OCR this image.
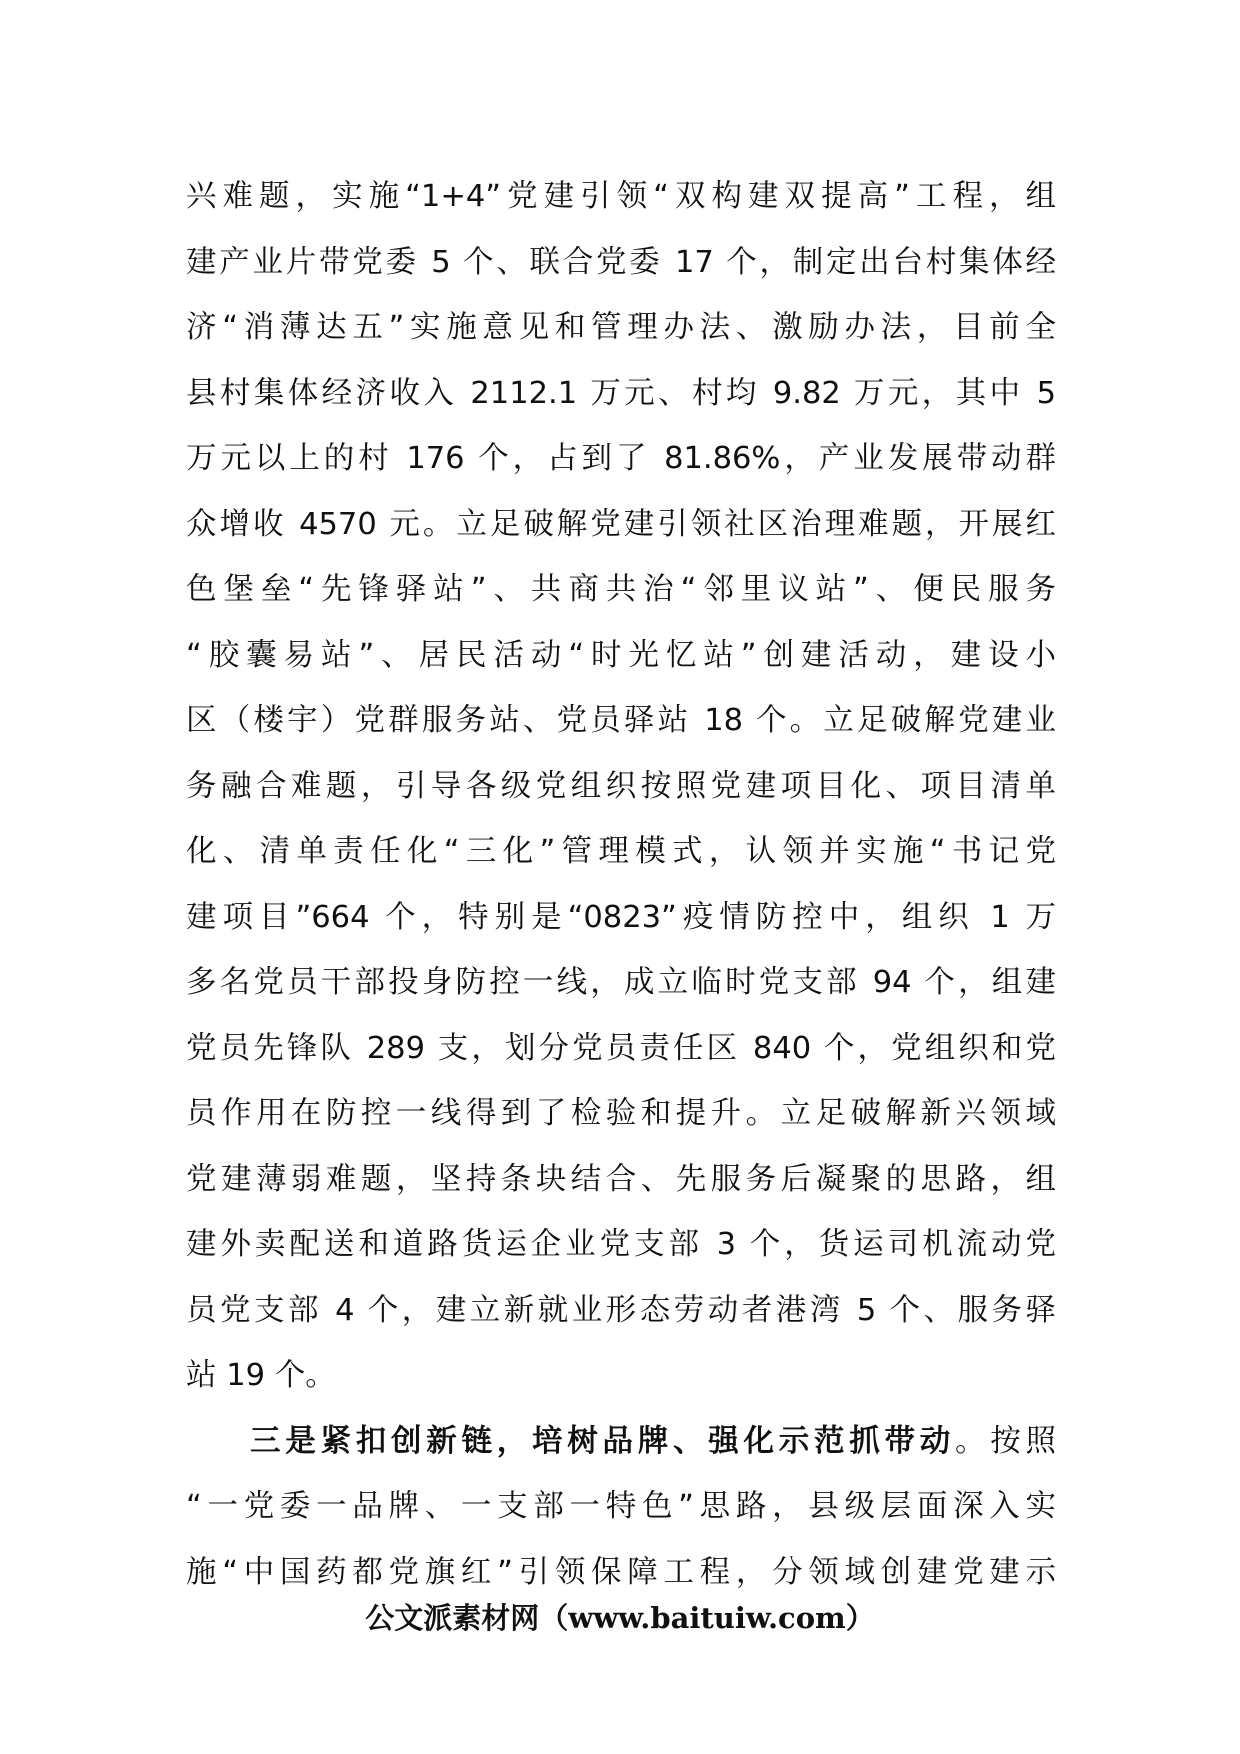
兴难题，实施“1+4”党建引领“双构建双提高”工程，组
建产业片带党委 5 个、联合党委 17 个，制定出台村集体经
济“消薄达五”实施意见和管理办法、激励办法，目前全
县村集体经济收入 2112.1 万元、村均 9.82 万元，其中 5
万元以上的村 176 个，占到了 81.86%，产业发展带动群
众增收 4570 元。立足破解党建引领社区治理难题，开展红
色堡垒“先锋驿站”、共商共治“邻里议站”、便民服务
“胶囊易站”、居民活动“时光忆站”创建活动，建设小
区（楼宇）党群服务站、党员驿站 18 个。立足破解党建业
务融合难题，引导各级党组织按照党建项目化、项目清单
化、清单责任化“三化”管理模式，认领并实施“书记党
建项目”664 个，特别是“0823”疫情防控中，组织 1 万
多名党员干部投身防控一线，成立临时党支部 94 个，组建
党员先锋队 289 支，划分党员责任区 840 个，党组织和党
员作用在防控一线得到了检验和提升。立足破解新兴领域
党建薄弱难题，坚持条块结合、先服务后凝聚的思路，组
建外卖配送和道路货运企业党支部 3 个，货运司机流动党
员党支部 4 个，建立新就业形态劳动者港湾 5 个、服务驿
站 19 个。
三是紧扣创新链，培树品牌、强化示范抓带动。按照
“一党委一品牌、一支部一特色”思路，县级层面深入实
施“中国药都党旗红”引领保障工程，分领域创建党建示
公文派素材网（www.baituiw.com）
